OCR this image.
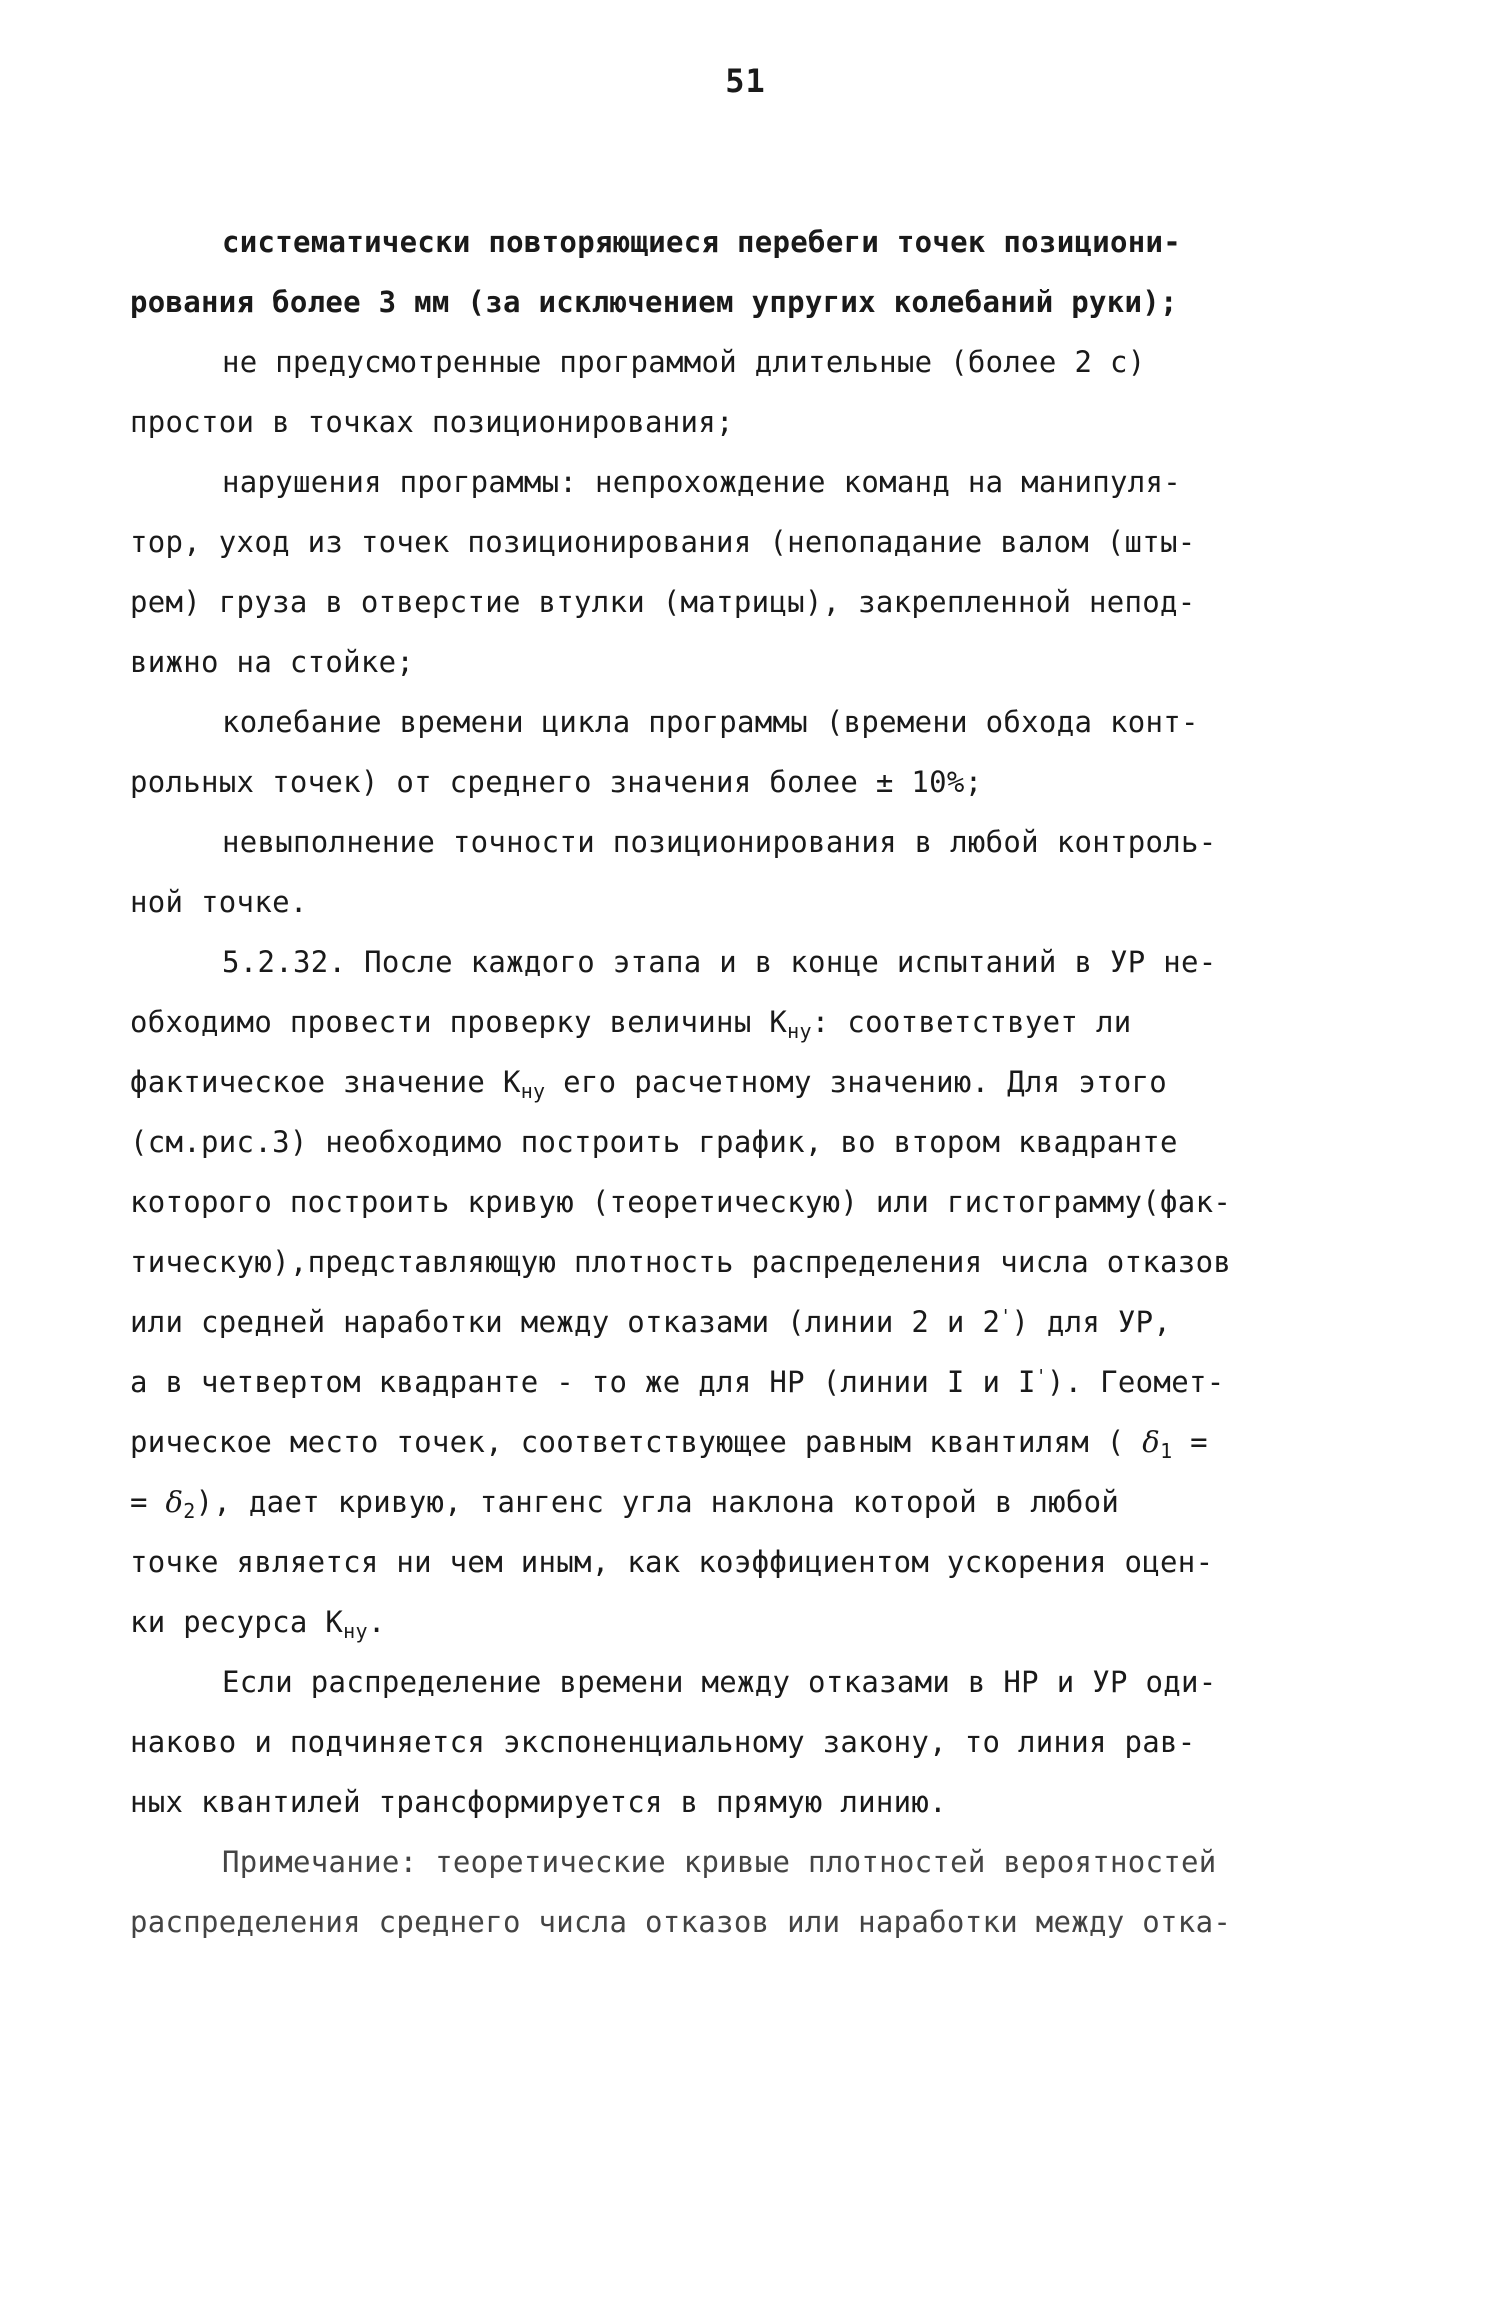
51
систематически повторяющиеся перебеги точек позициони-
рования более 3 мм (за исключением упругих колебаний руки);
не предусмотренные программой длительные (более 2 с)
простои в точках позиционирования;
нарушения программы: непрохождение команд на манипуля-
тор, уход из точек позиционирования (непопадание валом (шты-
рем) груза в отверстие втулки (матрицы), закрепленной непод-
вижно на стойке;
колебание времени цикла программы (времени обхода конт-
рольных точек) от среднего значения более ± 10%;
невыполнение точности позиционирования в любой контроль-
ной точке.
5.2.32. После каждого этапа и в конце испытаний в УР не-
обходимо провести проверку величины $К_{ну}$: соответствует ли
фактическое значение $К_{ну}$ его расчетному значению. Для этого
(см.рис.3) необходимо построить график, во втором квадранте
которого построить кривую (теоретическую) или гистограмму(фак-
тическую),представляющую плотность распределения числа отказов
или средней наработки между отказами (линии 2 и 2') для УР,
а в четвертом квадранте - то же для НР (линии I и I'). Геомет-
рическое место точек, соответствующее равным квантилям ( $\delta_1$ =
= $\delta_2$), дает кривую, тангенс угла наклона которой в любой
точке является ни чем иным, как коэффициентом ускорения оцен-
ки ресурса $К_{ну}$.
Если распределение времени между отказами в НР и УР оди-
наково и подчиняется экспоненциальному закону, то линия рав-
ных квантилей трансформируется в прямую линию.
Примечание: теоретические кривые плотностей вероятностей
распределения среднего числа отказов или наработки между отка-
